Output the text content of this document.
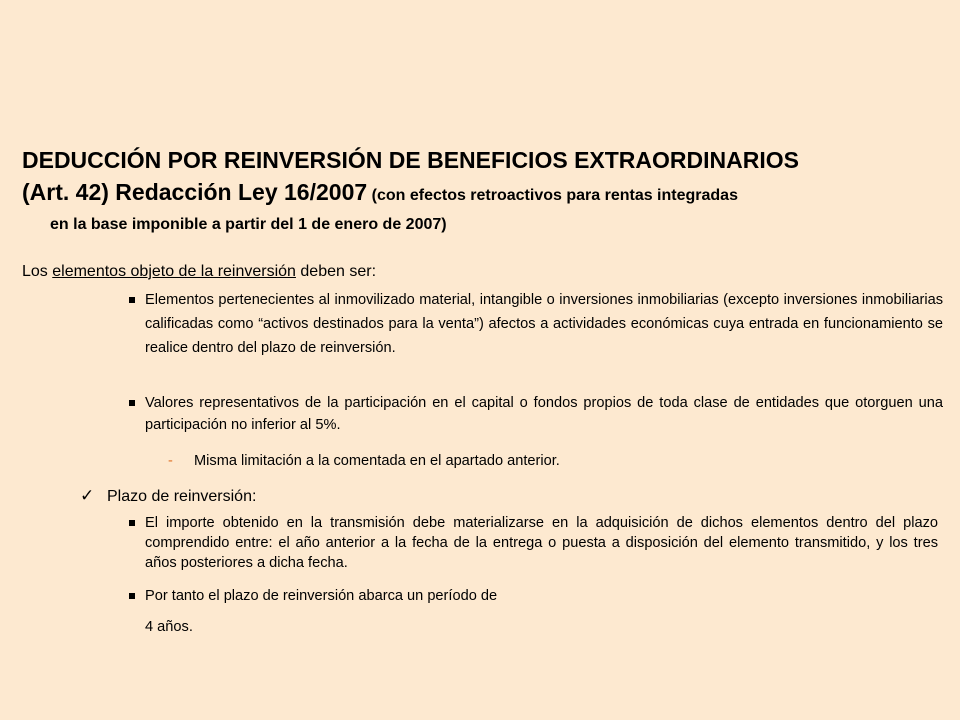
DEDUCCIÓN POR REINVERSIÓN DE BENEFICIOS EXTRAORDINARIOS
(Art. 42) Redacción Ley 16/2007 (con efectos retroactivos para rentas integradas
en la base imponible a partir del 1 de enero de 2007)
Los elementos objeto de la reinversión deben ser:
Elementos pertenecientes al inmovilizado material, intangible o inversiones inmobiliarias (excepto inversiones inmobiliarias calificadas como “activos destinados para la venta”) afectos a actividades económicas cuya entrada en funcionamiento se realice dentro del plazo de reinversión.
Valores representativos de la participación en el capital o fondos propios de toda clase de entidades que otorguen una participación no inferior al 5%.
- Misma limitación a la comentada en el apartado anterior.
✓ Plazo de reinversión:
El importe obtenido en la transmisión debe materializarse en la adquisición de dichos elementos dentro del plazo comprendido entre: el año anterior a la fecha de la entrega o puesta a disposición del elemento transmitido, y los tres años posteriores a dicha fecha.
Por tanto el plazo de reinversión abarca un período de
4 años.
